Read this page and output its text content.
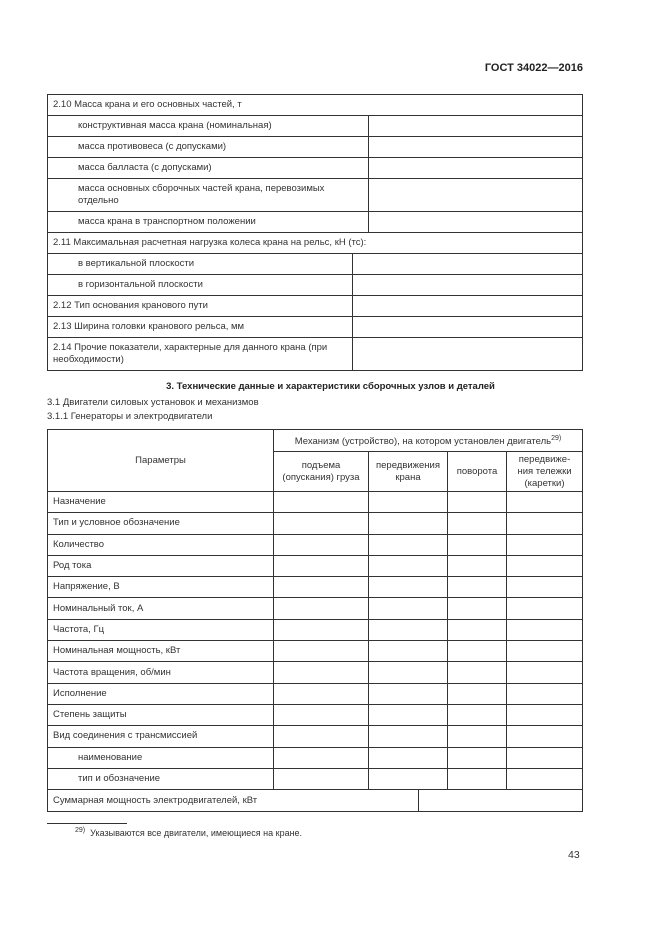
ГОСТ 34022—2016
2.10 Масса крана и его основных частей, т		
конструктивная масса крана (номинальная)		
масса противовеса (с допусками)		
масса балласта (с допусками)		
масса основных сборочных частей крана, перевозимых отдельно		
масса крана в транспортном положении		
2.11 Максимальная расчетная нагрузка колеса крана на рельс, кН (тс):		
в вертикальной плоскости		
в горизонтальной плоскости		
2.12 Тип основания кранового пути		
2.13 Ширина головки кранового рельса, мм		
2.14 Прочие показатели, характерные для данного крана (при необходимости)		
3. Технические данные и характеристики сборочных узлов и деталей
3.1 Двигатели силовых установок и механизмов
3.1.1 Генераторы и электродвигатели
Параметры	Механизм (устройство), на котором установлен двигатель$^{29)}$
	подъема (опускания) груза	передвижения крана	поворота	передвиже-ния тележки (каретки)
Назначение				
Тип и условное обозначение				
Количество				
Род тока				
Напряжение, В				
Номинальный ток, А				
Частота, Гц				
Номинальная мощность, кВт				
Частота вращения, об/мин				
Исполнение				
Степень защиты				
Вид соединения с трансмиссией				
наименование				
тип и обозначение				

Суммарная мощность электродвигателей, кВт				
$^{29)}$ Указываются все двигатели, имеющиеся на кране.
43
